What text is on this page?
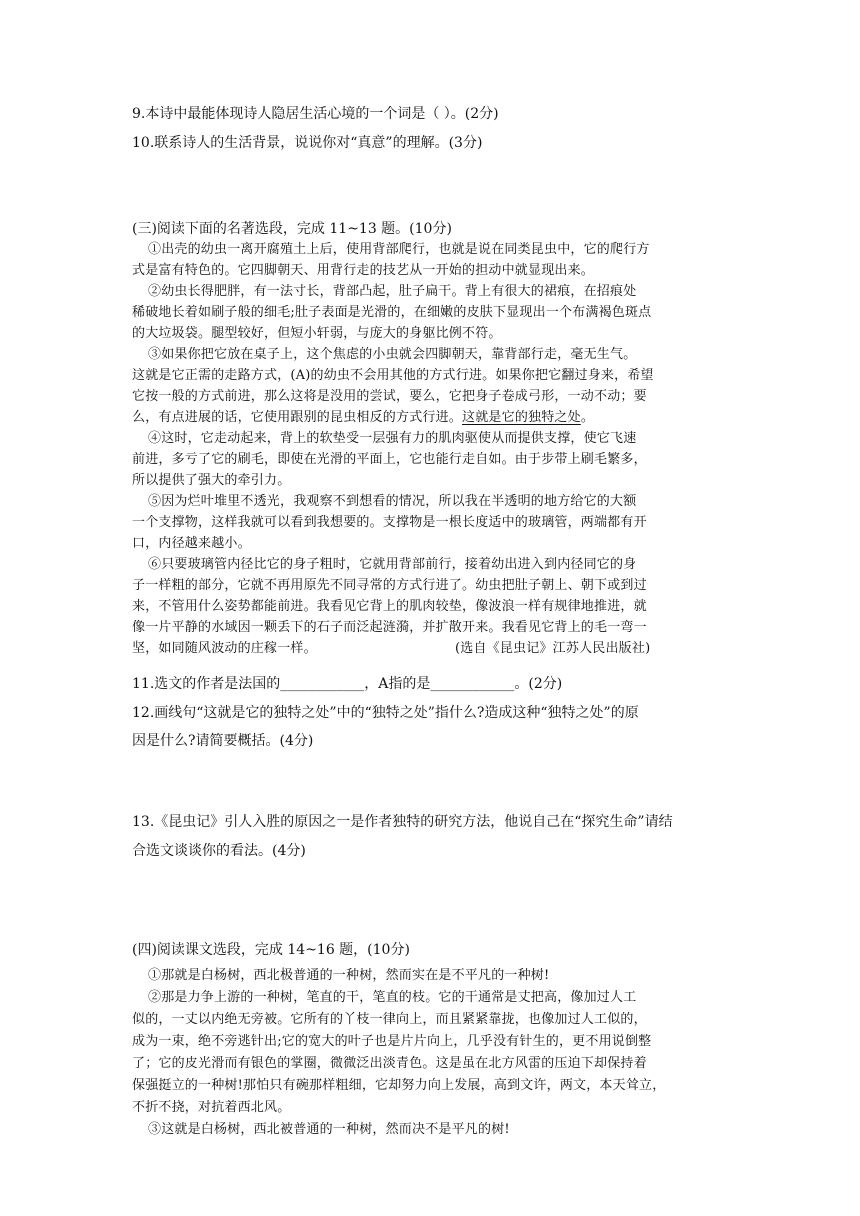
9.本诗中最能体现诗人隐居生活心境的一个词是（ ）。(2分)
10.联系诗人的生活背景，说说你对“真意”的理解。(3分)
(三)阅读下面的名著选段，完成 11~13 题。(10分)
①出壳的幼虫一离开腐殖土上后，使用背部爬行，也就是说在同类昆虫中，它的爬行方
式是富有特色的。它四脚朝天、用背行走的技艺从一开始的担动中就显现出来。
②幼虫长得肥胖，有一法寸长，背部凸起，肚子扁干。背上有很大的裙痕，在招痕处
稀破地长着如刷子般的细毛;肚子表面是光滑的，在细嫩的皮肤下显现出一个布满褐色斑点
的大垃圾袋。腿型较好，但短小轩弱，与庞大的身躯比例不符。
③如果你把它放在桌子上，这个焦虑的小虫就会四脚朝天，靠背部行走，毫无生气。
这就是它正需的走路方式，(A)的幼虫不会用其他的方式行进。如果你把它翻过身来，希望
它按一般的方式前进，那么这将是没用的尝试，要么，它把身子卷成弓形，一动不动；要
么，有点进展的话，它使用跟别的昆虫相反的方式行进。这就是它的独特之处。
④这时，它走动起来，背上的软垫受一层强有力的肌肉驱使从而提供支撑，使它飞速
前进，多亏了它的刷毛，即使在光滑的平面上，它也能行走自如。由于步带上刷毛繁多，
所以提供了强大的牵引力。
⑤因为烂叶堆里不透光，我观察不到想看的情况，所以我在半透明的地方给它的大额
一个支撑物，这样我就可以看到我想要的。支撑物是一根长度适中的玻璃管，两端都有开
口，内径越来越小。
⑥只要玻璃管内径比它的身子粗时，它就用背部前行，接着幼出进入到内径同它的身
子一样粗的部分，它就不再用原先不同寻常的方式行进了。幼虫把肚子朝上、朝下或到过
来，不管用什么姿势都能前进。我看见它背上的肌肉较垫，像波浪一样有规律地推进，就
像一片平静的水域因一颗丢下的石子而泛起涟漪，并扩散开来。我看见它背上的毛一弯一
坚，如同随风波动的庄稼一样。	(选自《昆虫记》江苏人民出版社)
11.选文的作者是法国的____________，A指的是____________。(2分)
12.画线句“这就是它的独特之处”中的“独特之处”指什么?造成这种“独特之处”的原
因是什么?请简要概括。(4分)
13.《昆虫记》引人入胜的原因之一是作者独特的研究方法，他说自己在“探究生命”请结
合选文谈谈你的看法。(4分)
(四)阅读课文选段，完成 14~16 题，(10分)
①那就是白杨树，西北极普通的一种树，然而实在是不平凡的一种树!
②那是力争上游的一种树，笔直的干，笔直的枝。它的干通常是丈把高，像加过人工
似的，一丈以内绝无旁被。它所有的丫枝一律向上，而且紧紧靠拢，也像加过人工似的，
成为一束，绝不旁逃针出;它的宽大的叶子也是片片向上，几乎没有针生的，更不用说倒整
了；它的皮光滑而有银色的掌圈，微微泛出淡青色。这是虽在北方风雷的压迫下却保持着
保强挺立的一种树!那怕只有碗那样粗细，它却努力向上发展，高到文许，两文，本天耸立，
不折不挠，对抗着西北风。
③这就是白杨树，西北被普通的一种树，然而决不是平凡的树!
